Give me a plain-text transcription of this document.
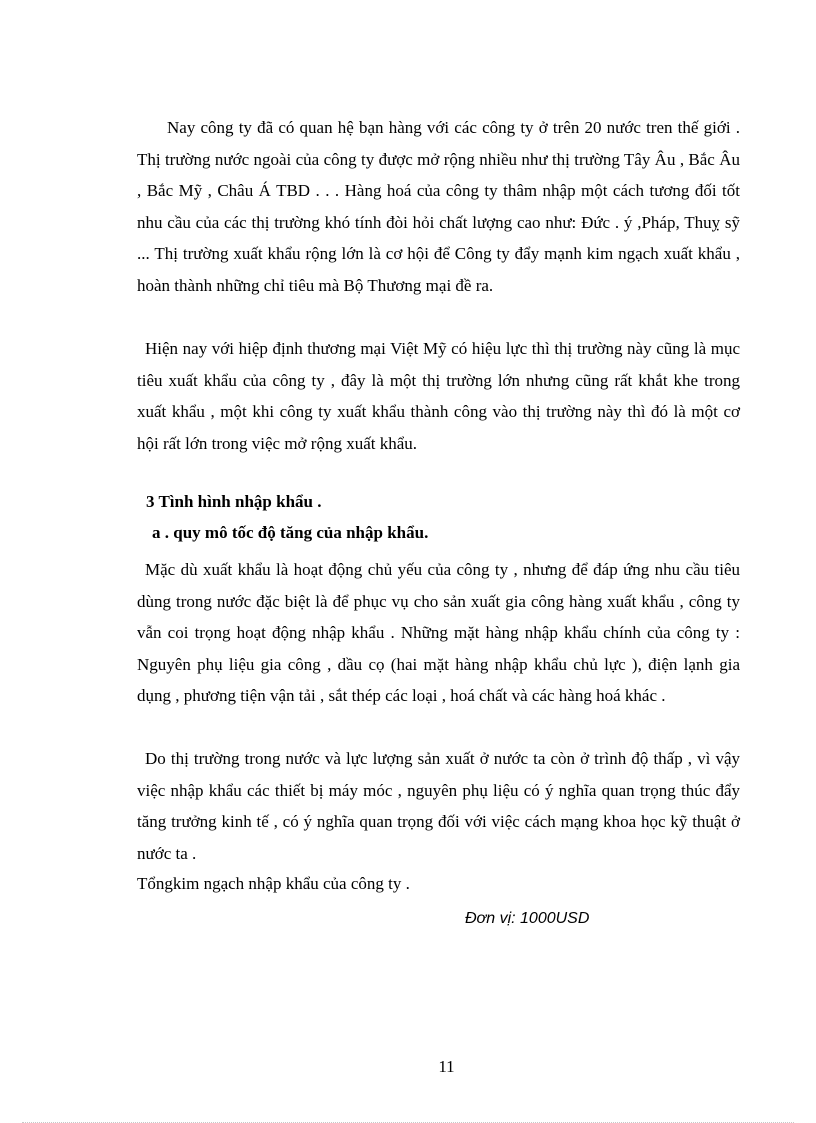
Nay công ty đã có quan hệ bạn hàng với các công ty ở trên 20 nước tren thế giới . Thị trường nước ngoài của công ty được mở rộng nhiều như thị trường Tây Âu , Bắc Âu , Bắc Mỹ , Châu Á TBD . . . Hàng hoá của công ty thâm nhập một cách tương đối tốt nhu cầu của các thị trường khó tính đòi hỏi chất lượng cao như: Đức . ý ,Pháp, Thuỵ sỹ ... Thị trường xuất khẩu rộng lớn là cơ hội để Công ty đẩy mạnh kim ngạch xuất khẩu , hoàn thành những chỉ tiêu mà Bộ Thương mại đề ra.

Hiện nay với hiệp định thương mại Việt Mỹ có hiệu lực thì thị trường này cũng là mục tiêu xuất khẩu của công ty , đây là một thị trường lớn nhưng cũng rất khắt khe trong xuất khẩu , một khi công ty xuất khẩu thành công vào thị trường này thì đó là một cơ hội rất lớn trong việc mở rộng xuất khẩu.

3 Tình hình nhập khẩu .

a . quy mô tốc độ tăng của nhập khẩu.

Mặc dù xuất khẩu là hoạt động chủ yếu của công ty , nhưng để đáp ứng nhu cầu tiêu dùng trong nước đặc biệt là để phục vụ cho sản xuất gia công hàng xuất khẩu , công ty vẫn coi trọng hoạt động nhập khẩu . Những mặt hàng nhập khẩu chính của công ty : Nguyên phụ liệu gia công , dầu cọ (hai mặt hàng nhập khẩu chủ lực ), điện lạnh gia dụng , phương tiện vận tải , sắt thép các loại , hoá chất và các hàng hoá khác .

Do thị trường trong nước và lực lượng sản xuất ở nước ta còn ở trình độ thấp , vì vậy việc nhập khẩu các thiết bị máy móc , nguyên phụ liệu có ý nghĩa quan trọng thúc đẩy tăng trưởng kinh tế , có ý nghĩa quan trọng đối với việc cách mạng khoa học kỹ thuật ở nước ta .

Tổngkim ngạch nhập khẩu của công ty .

Đơn vị: 1000USD
11
